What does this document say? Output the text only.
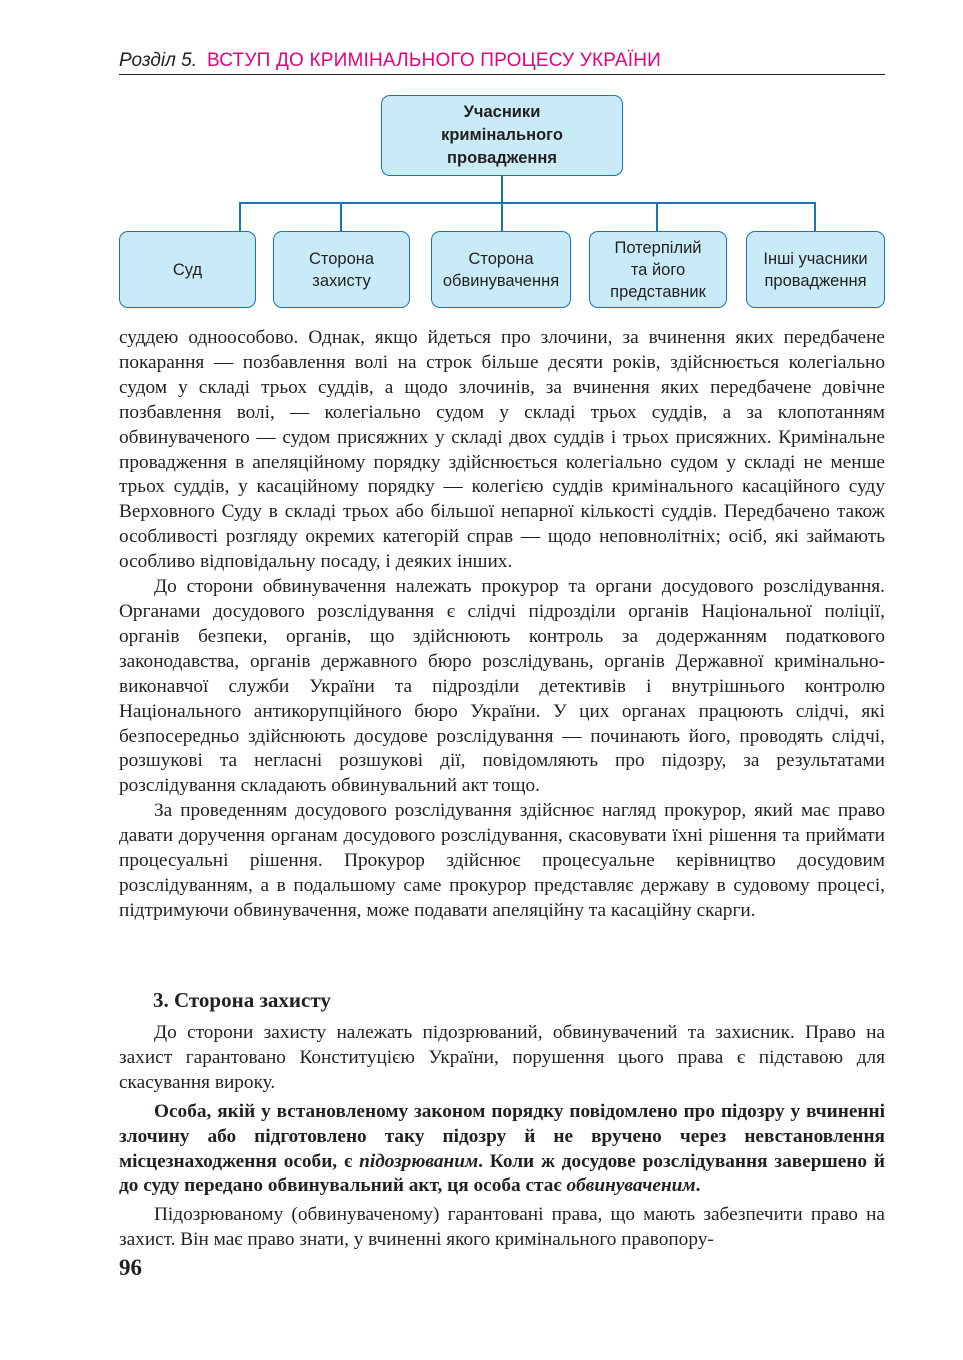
Розділ 5. ВСТУП ДО КРИМІНАЛЬНОГО ПРОЦЕСУ УКРАЇНИ
Учасники
кримінального
провадження
Суд
Сторона
захисту
Сторона
обвинувачення
Потерпілий
та його
представник
Інші учасники
провадження

суддею одноособово. Однак, якщо йдеться про злочини, за вчинення яких передбачене покарання — позбавлення волі на строк більше десяти років, здійснюється колегіально судом у складі трьох суддів, а щодо злочинів, за вчинення яких передбачене довічне позбавлення волі, — колегіально судом у складі трьох суддів, а за клопотанням обвинуваченого — судом присяжних у складі двох суддів і трьох присяжних. Кримінальне провадження в апеляційному порядку здійснюється колегіально судом у складі не менше трьох суддів, у касаційному порядку — колегією суддів кримінального касаційного суду Верховного Суду в складі трьох або більшої непарної кількості суддів. Передбачено також особливості розгляду окремих категорій справ — щодо неповнолітніх; осіб, які займають особливо відповідальну посаду, і деяких інших.

До сторони обвинувачення належать прокурор та органи досудового розслідування. Органами досудового розслідування є слідчі підрозділи органів Національної поліції, органів безпеки, органів, що здійснюють контроль за додержанням податкового законодавства, органів державного бюро розслідувань, органів Державної кримінально-виконавчої служби України та підрозділи детективів і внутрішнього контролю Національного антикорупційного бюро України. У цих органах працюють слідчі, які безпосередньо здійснюють досудове розслідування — починають його, проводять слідчі, розшукові та негласні розшукові дії, повідомляють про підозру, за результатами розслідування складають обвинувальний акт тощо.

За проведенням досудового розслідування здійснює нагляд прокурор, який має право давати доручення органам досудового розслідування, скасовувати їхні рішення та приймати процесуальні рішення. Прокурор здійснює процесуальне керівництво досудовим розслідуванням, а в подальшому саме прокурор представляє державу в судовому процесі, підтримуючи обвинувачення, може подавати апеляційну та касаційну скарги.

3. Сторона захисту

До сторони захисту належать підозрюваний, обвинувачений та захисник. Право на захист гарантовано Конституцією України, порушення цього права є підставою для скасування вироку.

Особа, якій у встановленому законом порядку повідомлено про підозру у вчиненні злочину або підготовлено таку підозру й не вручено через невстановлення місцезнаходження особи, є підозрюваним. Коли ж досудове розслідування завершено й до суду передано обвинувальний акт, ця особа стає обвинуваченим.

Підозрюваному (обвинуваченому) гарантовані права, що мають забезпечити право на захист. Він має право знати, у вчиненні якого кримінального правопору-

96
